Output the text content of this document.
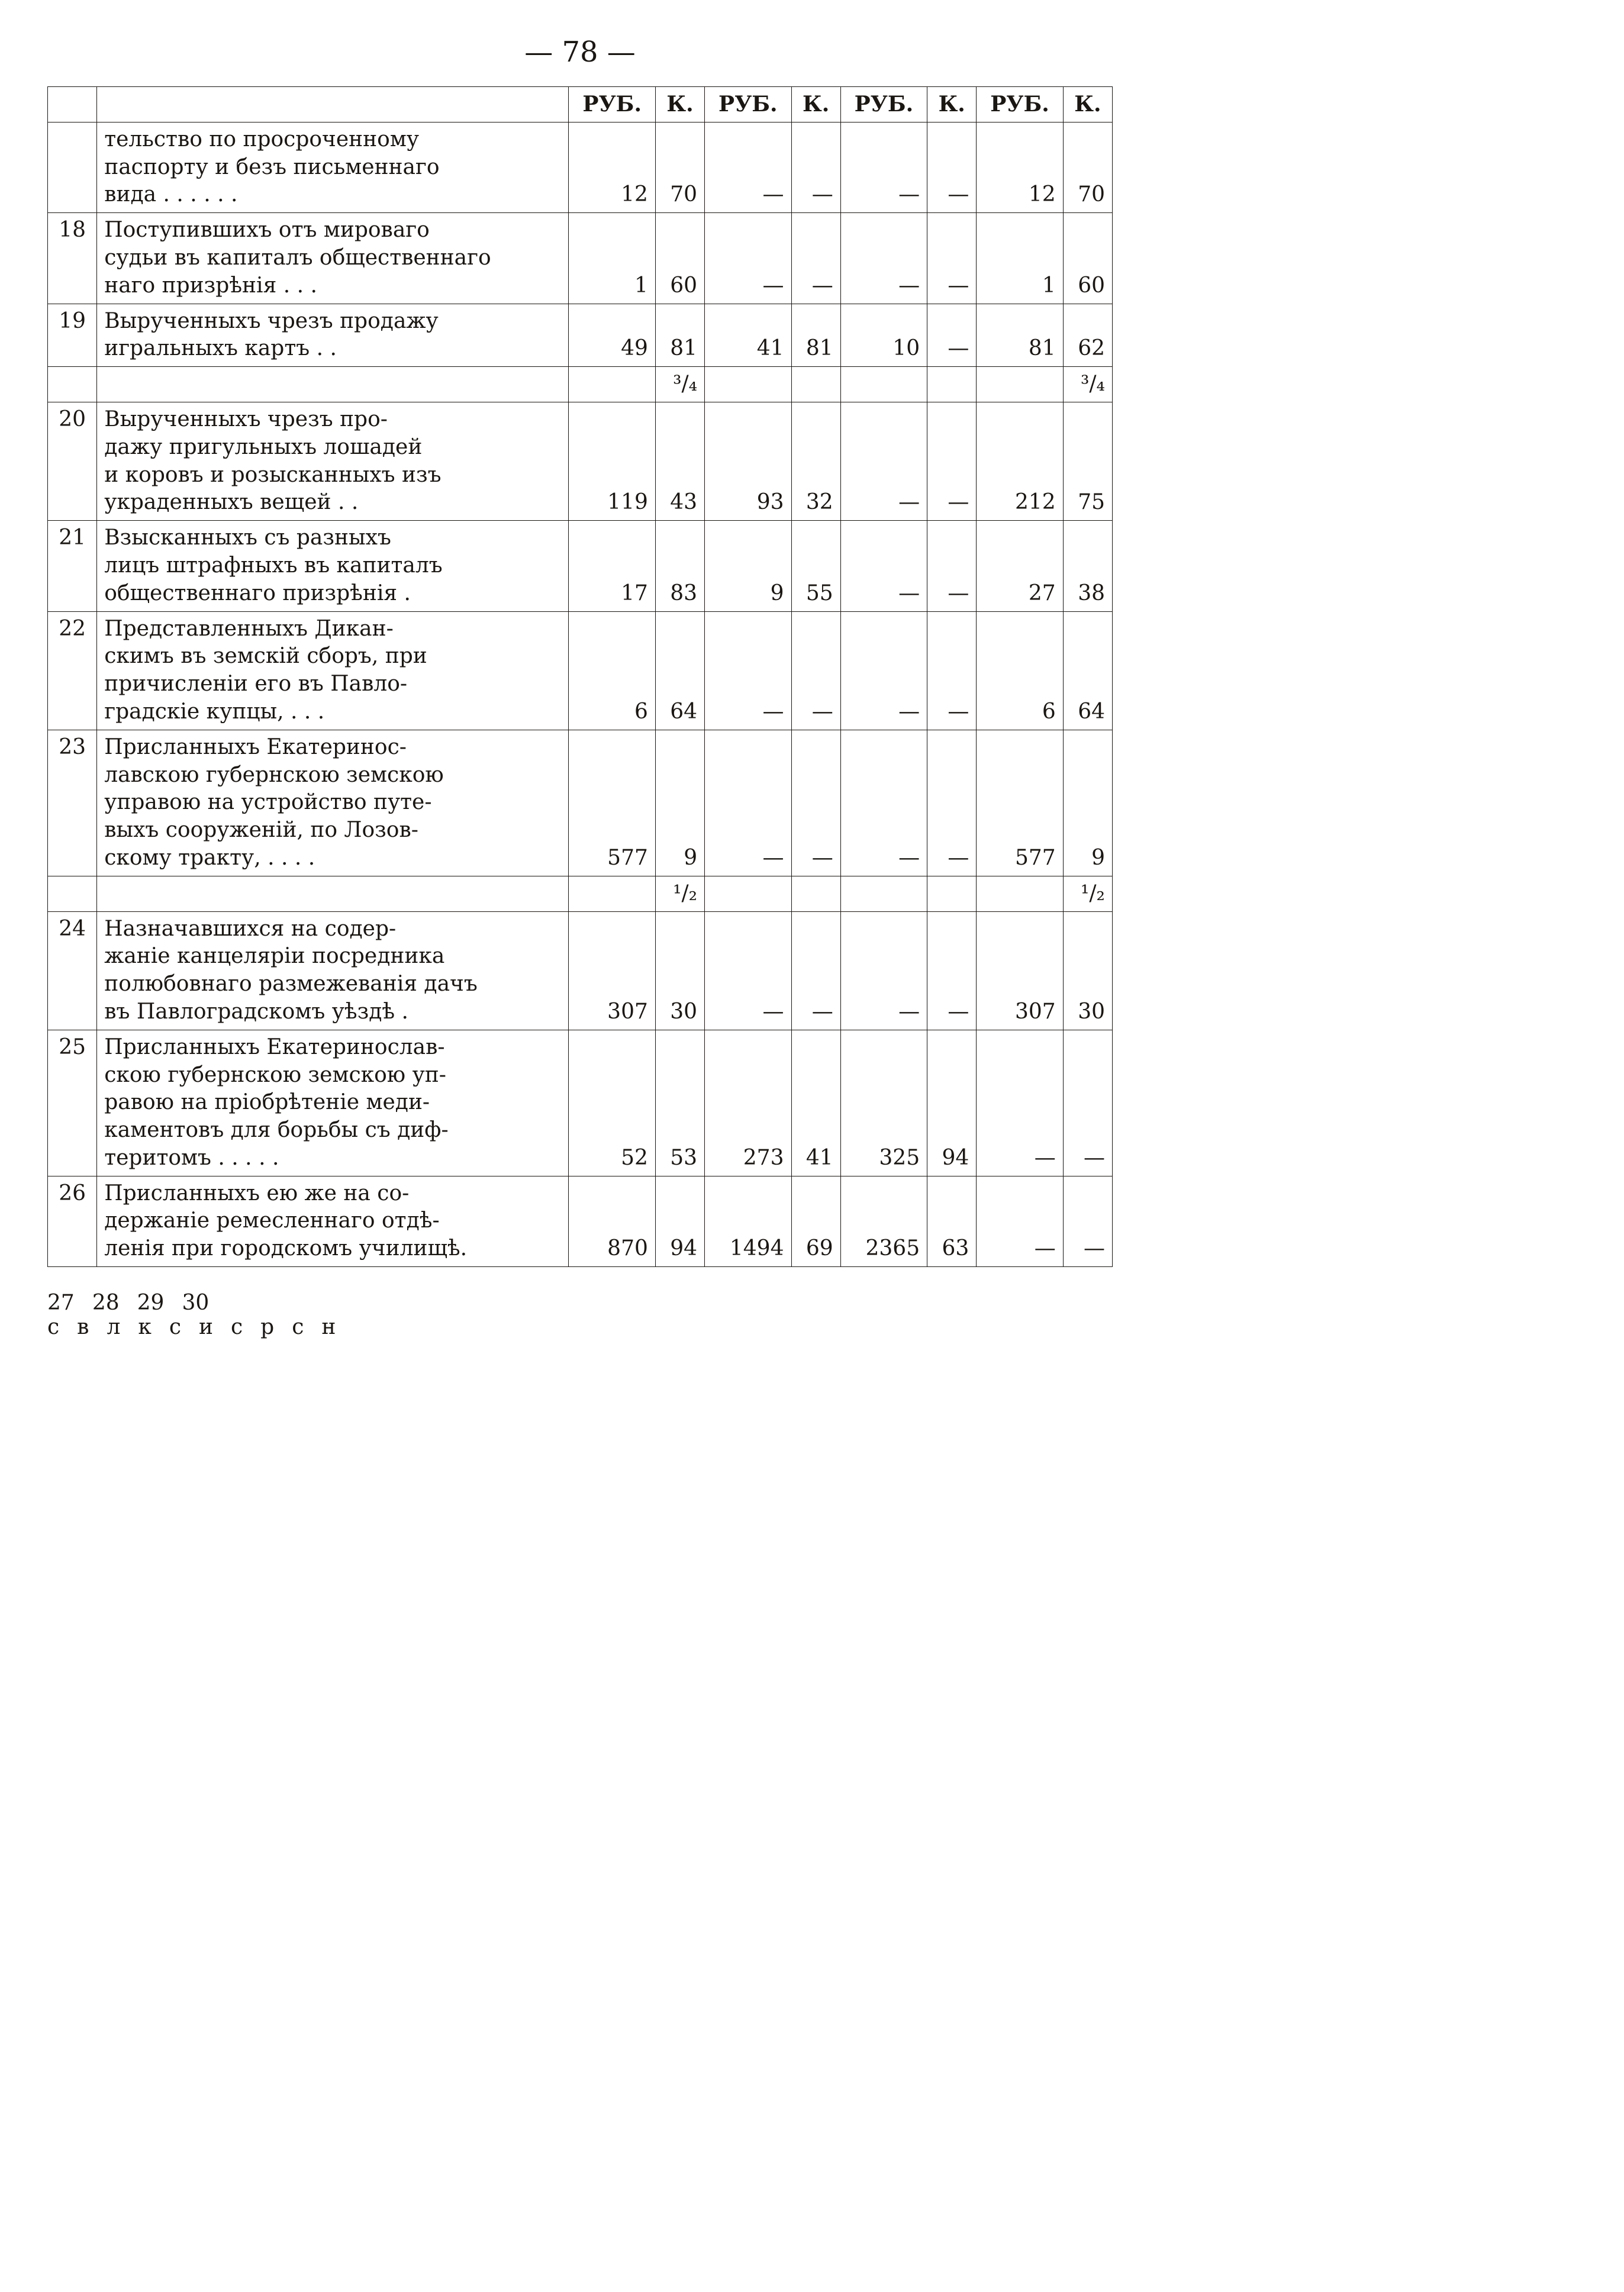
— 78 —
		РУБ.	К.	РУБ.	К.	РУБ.	К.	РУБ.	К.

	тельство по просроченному
паспорту и безъ письменнаго
вида . . . . . .	12	70	—	—	—	—	12	70
18	Поступившихъ отъ мироваго
судьи въ капиталъ общественнаго
наго призрѣнія . . .	1	60	—	—	—	—	1	60
19	Вырученныхъ чрезъ продажу
игральныхъ картъ . .	49	81	41	81	10	—	81	62

		³/₄						³/₄
20	Вырученныхъ чрезъ про-
дажу пригульныхъ лошадей
и коровъ и розысканныхъ изъ
украденныхъ вещей . .	119	43	93	32	—	—	212	75
21	Взысканныхъ съ разныхъ
лицъ штрафныхъ въ капиталъ
общественнаго призрѣнія .	17	83	9	55	—	—	27	38
22	Представленныхъ Дикан-
скимъ въ земскій сборъ, при
причисленіи его въ Павло-
градскіе купцы, . . .	6	64	—	—	—	—	6	64
23	Присланныхъ Екатеринос-
лавскою губернскою земскою
управою на устройство путе-
выхъ сооруженій, по Лозов-
скому тракту, . . . .	577	9	—	—	—	—	577	9

		¹/₂						¹/₂
24	Назначавшихся на содер-
жаніе канцеляріи посредника
полюбовнаго размежеванія дачъ
въ Павлоградскомъ уѣздѣ .	307	30	—	—	—	—	307	30
25	Присланныхъ Екатеринослав-
скою губернскою земскою уп-
равою на пріобрѣтеніе меди-
каментовъ для борьбы съ диф-
теритомъ . . . . .	52	53	273	41	325	94	—	—
26	Присланныхъ ею же на со-
держаніе ремесленнаго отдѣ-
ленія при городскомъ училищѣ.	870	94	1494	69	2365	63	—	—
27 28 29 30
с в л к с и с р с н
